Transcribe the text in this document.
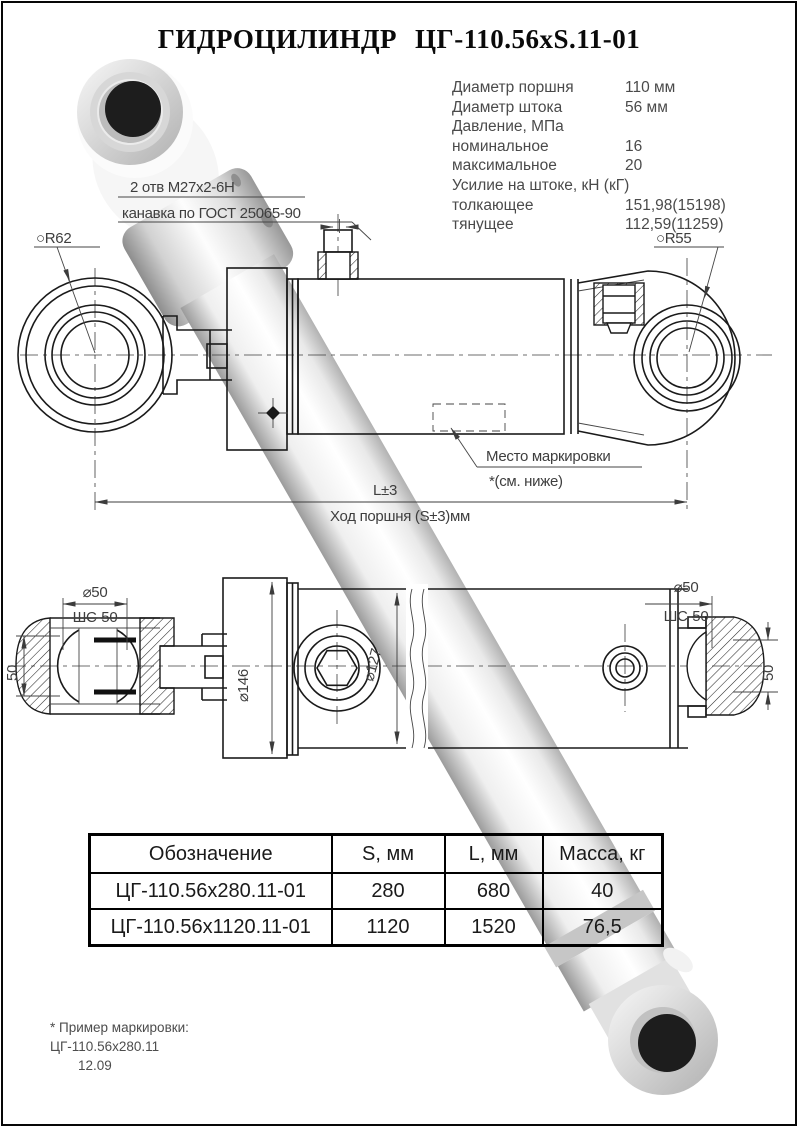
Место маркировки
*(см. ниже)
○R62	○R55
2 отв М27х2-6Н
канавка по ГОСТ 25065-90
L±3
Ход поршня (S±3)мм
⌀50
ШС-50
50	⌀146
⌀127
⌀50
ШС-50
50
ГИДРОЦИЛИНДР ЦГ-110.56xS.11-01
Диаметр поршня	110 мм
Диаметр штока	56 мм
Давление, МПа
номинальное	16
максимальное	20
Усилие на штоке, кН (кГ)
толкающее	151,98(15198)
тянущее	112,59(11259)
Обозначение	S, мм	L, мм	Масса, кг
ЦГ-110.56х280.11-01	280	680	40
ЦГ-110.56х1120.11-01	1120	1520	76,5
* Пример маркировки:
ЦГ-110.56х280.11
12.09
